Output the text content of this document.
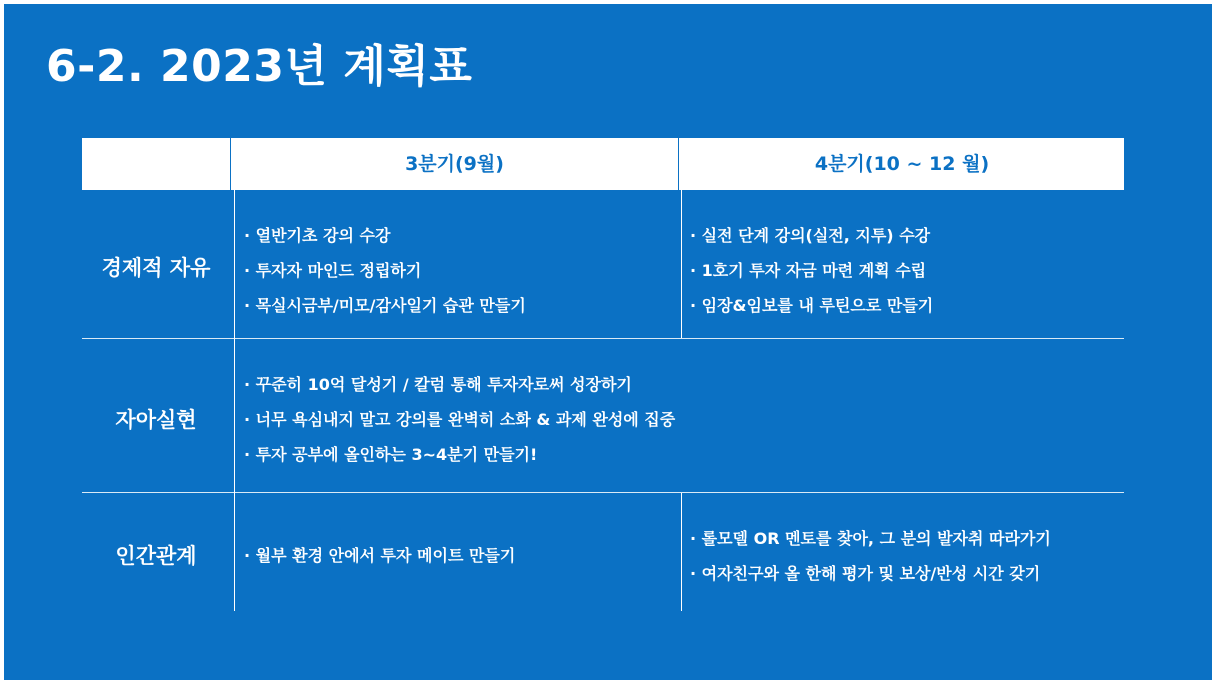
6-2. 2023년 계획표
3분기(9월)	4분기(10 ~ 12 월)
경제적 자유
· 열반기초 강의 수강
· 투자자 마인드 정립하기
· 목실시금부/미모/감사일기 습관 만들기
· 실전 단계 강의(실전, 지투) 수강
· 1호기 투자 자금 마련 계획 수립
· 임장&임보를 내 루틴으로 만들기
자아실현
· 꾸준히 10억 달성기 / 칼럼 통해 투자자로써 성장하기
· 너무 욕심내지 말고 강의를 완벽히 소화 & 과제 완성에 집중
· 투자 공부에 올인하는 3~4분기 만들기!
인간관계	· 월부 환경 안에서 투자 메이트 만들기
· 롤모델 OR 멘토를 찾아, 그 분의 발자취 따라가기
· 여자친구와 올 한해 평가 및 보상/반성 시간 갖기
